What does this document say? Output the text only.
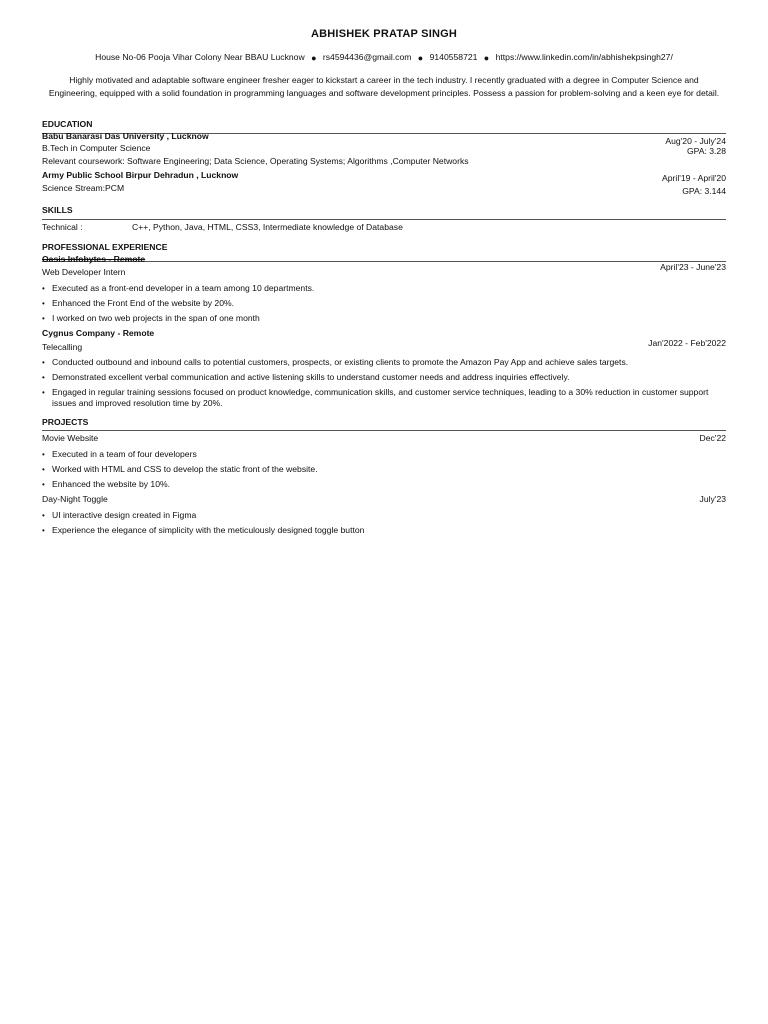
ABHISHEK PRATAP SINGH

House No-06 Pooja Vihar Colony Near BBAU Lucknow ● rs4594436@gmail.com ● 9140558721 ● https://www.linkedin.com/in/abhishekpsingh27/

Highly motivated and adaptable software engineer fresher eager to kickstart a career in the tech industry. I recently graduated with a degree in Computer Science and Engineering, equipped with a solid foundation in programming languages and software development principles. Possess a passion for problem-solving and a keen eye for detail.

EDUCATION

Babu Banarasi Das University , Lucknow	Aug'20 - July'24
B.Tech in Computer Science	GPA: 3.28
Relevant coursework: Software Engineering; Data Science, Operating Systems; Algorithms ,Computer Networks
Army Public School Birpur Dehradun , Lucknow	April'19 - April'20
Science Stream:PCM	GPA: 3.144

SKILLS

Technical :	C++, Python, Java, HTML, CSS3, Intermediate knowledge of Database

PROFESSIONAL EXPERIENCE

Oasis Infobytes - Remote
Web Developer Intern	April'23 - June'23
• Executed as a front-end developer in a team among 10 departments.
• Enhanced the Front End of the website by 20%.
• I worked on two web projects in the span of one month
Cygnus Company - Remote
Telecalling	Jan'2022 - Feb'2022
• Conducted outbound and inbound calls to potential customers, prospects, or existing clients to promote the Amazon Pay App and achieve sales targets.
• Demonstrated excellent verbal communication and active listening skills to understand customer needs and address inquiries effectively.
• Engaged in regular training sessions focused on product knowledge, communication skills, and customer service techniques, leading to a 30% reduction in customer support issues and improved resolution time by 20%.

PROJECTS

Movie Website	Dec'22
• Executed in a team of four developers
• Worked with HTML and CSS to develop the static front of the website.
• Enhanced the website by 10%.
Day-Night Toggle	July'23
• UI interactive design created in Figma
• Experience the elegance of simplicity with the meticulously designed toggle button
